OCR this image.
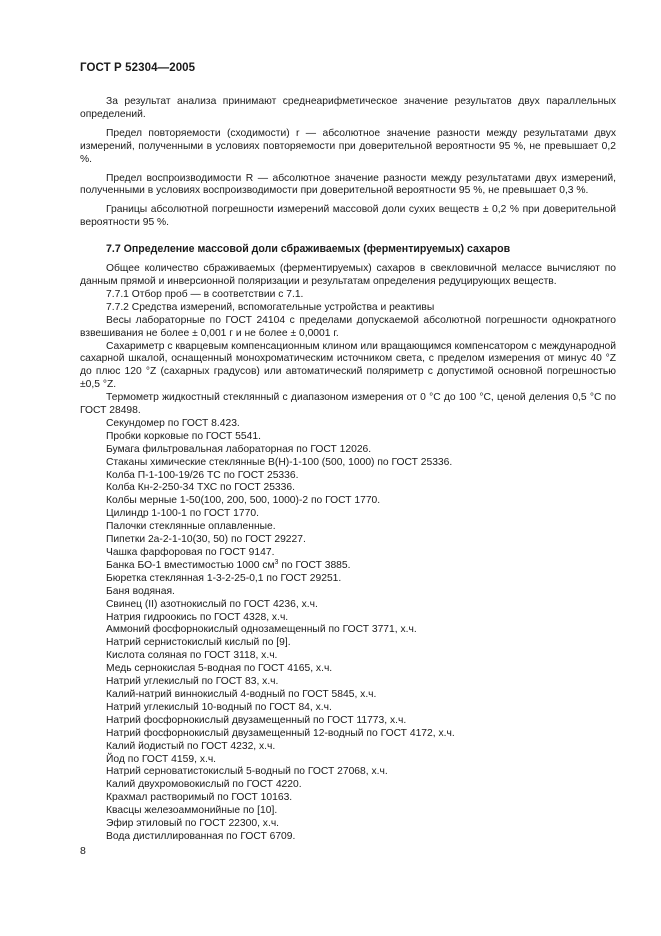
ГОСТ Р 52304—2005

За результат анализа принимают среднеарифметическое значение результатов двух параллельных определений.

Предел повторяемости (сходимости) r — абсолютное значение разности между результатами двух измерений, полученными в условиях повторяемости при доверительной вероятности 95 %, не превышает 0,2 %.

Предел воспроизводимости R — абсолютное значение разности между результатами двух измерений, полученными в условиях воспроизводимости при доверительной вероятности 95 %, не превышает 0,3 %.

Границы абсолютной погрешности измерений массовой доли сухих веществ ± 0,2 % при доверительной вероятности 95 %.

7.7 Определение массовой доли сбраживаемых (ферментируемых) сахаров

Общее количество сбраживаемых (ферментируемых) сахаров в свекловичной мелассе вычисляют по данным прямой и инверсионной поляризации и результатам определения редуцирующих веществ.

7.7.1 Отбор проб — в соответствии с 7.1.

7.7.2 Средства измерений, вспомогательные устройства и реактивы

Весы лабораторные по ГОСТ 24104 с пределами допускаемой абсолютной погрешности однократного взвешивания не более ± 0,001 г и не более ± 0,0001 г.

Сахариметр с кварцевым компенсационным клином или вращающимся компенсатором с международной сахарной шкалой, оснащенный монохроматическим источником света, с пределом измерения от минус 40 °Z до плюс 120 °Z (сахарных градусов) или автоматический поляриметр с допустимой основной погрешностью ±0,5 °Z.

Термометр жидкостный стеклянный с диапазоном измерения от 0 °С до 100 °С, ценой деления 0,5 °С по ГОСТ 28498.

Секундомер по ГОСТ 8.423.

Пробки корковые по ГОСТ 5541.

Бумага фильтровальная лабораторная по ГОСТ 12026.

Стаканы химические стеклянные В(Н)-1-100 (500, 1000) по ГОСТ 25336.

Колба П-1-100-19/26 ТС по ГОСТ 25336.

Колба Кн-2-250-34 ТХС по ГОСТ 25336.

Колбы мерные 1-50(100, 200, 500, 1000)-2 по ГОСТ 1770.

Цилиндр 1-100-1 по ГОСТ 1770.

Палочки стеклянные оплавленные.

Пипетки 2а-2-1-10(30, 50) по ГОСТ 29227.

Чашка фарфоровая по ГОСТ 9147.

Банка БО-1 вместимостью 1000 $см^3$ по ГОСТ 3885.

Бюретка стеклянная 1-3-2-25-0,1 по ГОСТ 29251.

Баня водяная.

Свинец (II) азотнокислый по ГОСТ 4236, х.ч.

Натрия гидроокись по ГОСТ 4328, х.ч.

Аммоний фосфорнокислый однозамещенный по ГОСТ 3771, х.ч.

Натрий сернистокислый кислый по [9].

Кислота соляная по ГОСТ 3118, х.ч.

Медь сернокислая 5-водная по ГОСТ 4165, х.ч.

Натрий углекислый по ГОСТ 83, х.ч.

Калий-натрий виннокислый 4-водный по ГОСТ 5845, х.ч.

Натрий углекислый 10-водный по ГОСТ 84, х.ч.

Натрий фосфорнокислый двузамещенный по ГОСТ 11773, х.ч.

Натрий фосфорнокислый двузамещенный 12-водный по ГОСТ 4172, х.ч.

Калий йодистый по ГОСТ 4232, х.ч.

Йод по ГОСТ 4159, х.ч.

Натрий серноватистокислый 5-водный по ГОСТ 27068, х.ч.

Калий двухромовокислый по ГОСТ 4220.

Крахмал растворимый по ГОСТ 10163.

Квасцы железоаммонийные по [10].

Эфир этиловый по ГОСТ 22300, х.ч.

Вода дистиллированная по ГОСТ 6709.

8
